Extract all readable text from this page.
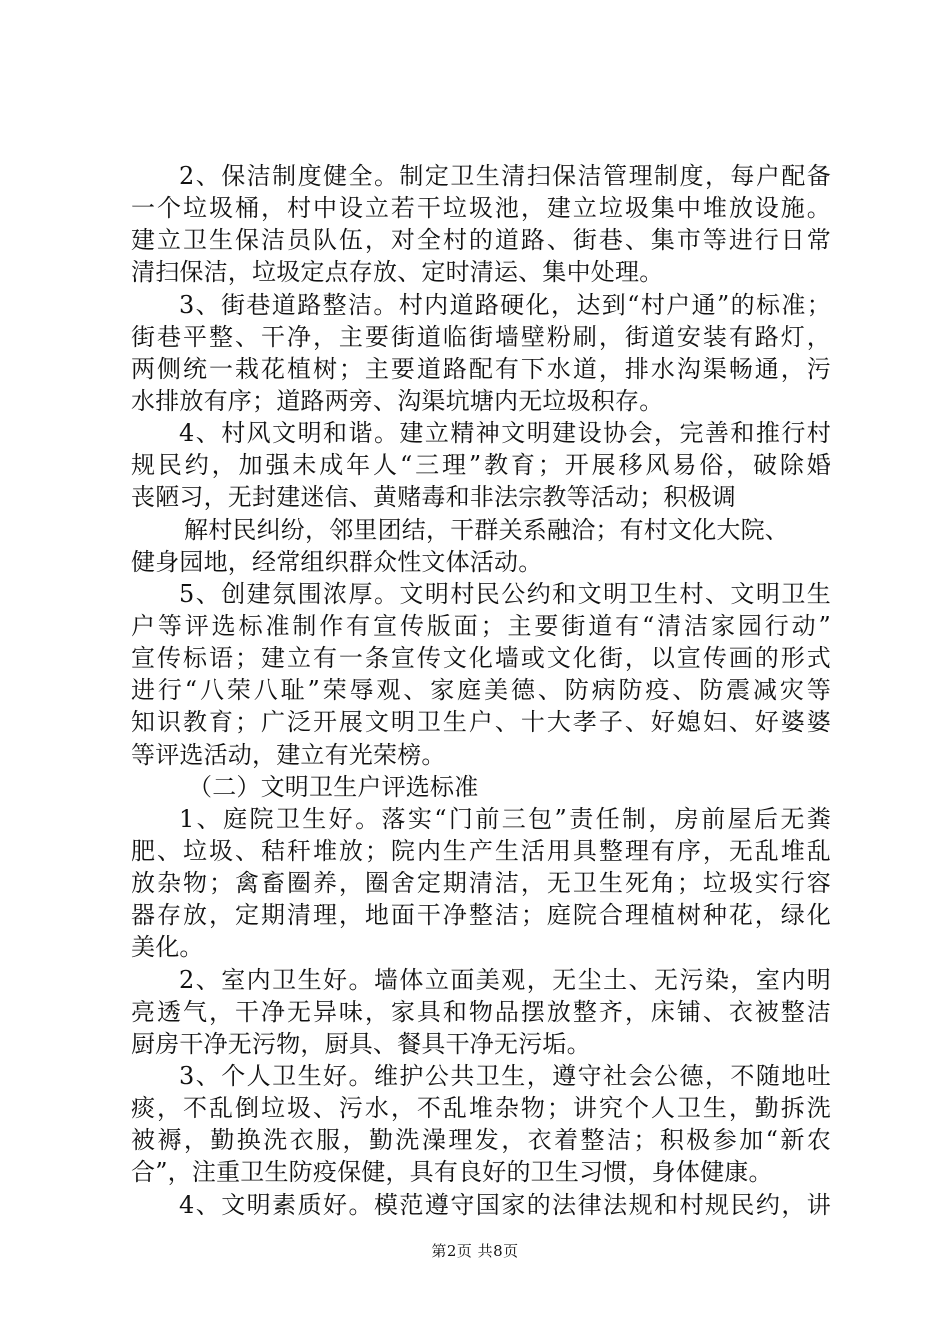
2、保洁制度健全。制定卫生清扫保洁管理制度，每户配备
一个垃圾桶，村中设立若干垃圾池，建立垃圾集中堆放设施。
建立卫生保洁员队伍，对全村的道路、街巷、集市等进行日常
清扫保洁，垃圾定点存放、定时清运、集中处理。
3、街巷道路整洁。村内道路硬化，达到“村户通”的标准；
街巷平整、干净，主要街道临街墙壁粉刷，街道安装有路灯，
两侧统一栽花植树；主要道路配有下水道，排水沟渠畅通，污
水排放有序；道路两旁、沟渠坑塘内无垃圾积存。
4、村风文明和谐。建立精神文明建设协会，完善和推行村
规民约，加强未成年人“三理”教育；开展移风易俗，破除婚
丧陋习，无封建迷信、黄赌毒和非法宗教等活动；积极调
解村民纠纷，邻里团结，干群关系融洽；有村文化大院、
健身园地，经常组织群众性文体活动。
5、创建氛围浓厚。文明村民公约和文明卫生村、文明卫生
户等评选标准制作有宣传版面；主要街道有“清洁家园行动”
宣传标语；建立有一条宣传文化墙或文化街，以宣传画的形式
进行“八荣八耻”荣辱观、家庭美德、防病防疫、防震减灾等
知识教育；广泛开展文明卫生户、十大孝子、好媳妇、好婆婆
等评选活动，建立有光荣榜。
（二）文明卫生户评选标准
1、庭院卫生好。落实“门前三包”责任制，房前屋后无粪
肥、垃圾、秸秆堆放；院内生产生活用具整理有序，无乱堆乱
放杂物；禽畜圈养，圈舍定期清洁，无卫生死角；垃圾实行容
器存放，定期清理，地面干净整洁；庭院合理植树种花，绿化
美化。
2、室内卫生好。墙体立面美观，无尘土、无污染，室内明
亮透气，干净无异味，家具和物品摆放整齐，床铺、衣被整洁
厨房干净无污物，厨具、餐具干净无污垢。
3、个人卫生好。维护公共卫生，遵守社会公德，不随地吐
痰，不乱倒垃圾、污水，不乱堆杂物；讲究个人卫生，勤拆洗
被褥，勤换洗衣服，勤洗澡理发，衣着整洁；积极参加“新农
合”，注重卫生防疫保健，具有良好的卫生习惯，身体健康。
4、文明素质好。模范遵守国家的法律法规和村规民约，讲
第2页 共8页
